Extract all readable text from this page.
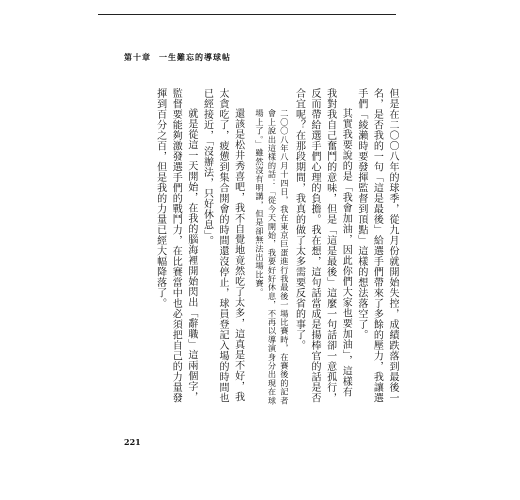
第十章 一生難忘的導球帖

但是在二〇〇八年的球季，從九月份就開始失控，成績跌落到最後一名，是否我的一句「這是最後」給選手們帶來了多餘的壓力，我讓選手們「綾瀨時要發揮監督到頂點」這樣的想法落空了。

其實我要說的是「我會加油，因此你們大家也要加油」，這樣有我對我自己奮鬥的意味，但是「這是最後」這麼一句話卻一意孤行，反而帶給選手們心理的負擔。我在想，這句話當成是揚棒官的話是否合宜呢？在那段期間，我真的做了太多需要反省的事了。

二〇〇八年八月十四日，我在東京巨蛋進行我最後一場比賽時，在賽後的記者會上說出這樣的話：「從今天開始，我要好好休息，不再以導演身分出現在球場上了。」雖然沒有明講，但是卻無法出場比賽。

還該是松井秀喜吧，我不自覺地竟然吃了太多，這真是不好，我太貪吃了，疲憊到集合開會的時間還沒停止，球員登記入場的時間也已經接近，「沒辦法，只好休息」。

就是從這一天開始，在我的腦海裡開始閃出「辭職」這兩個字，監督要能夠激發選手們的戰鬥力，在比賽當中也必須把自己的力量發揮到百分之百，但是我的力量已經大幅降落了。

221
